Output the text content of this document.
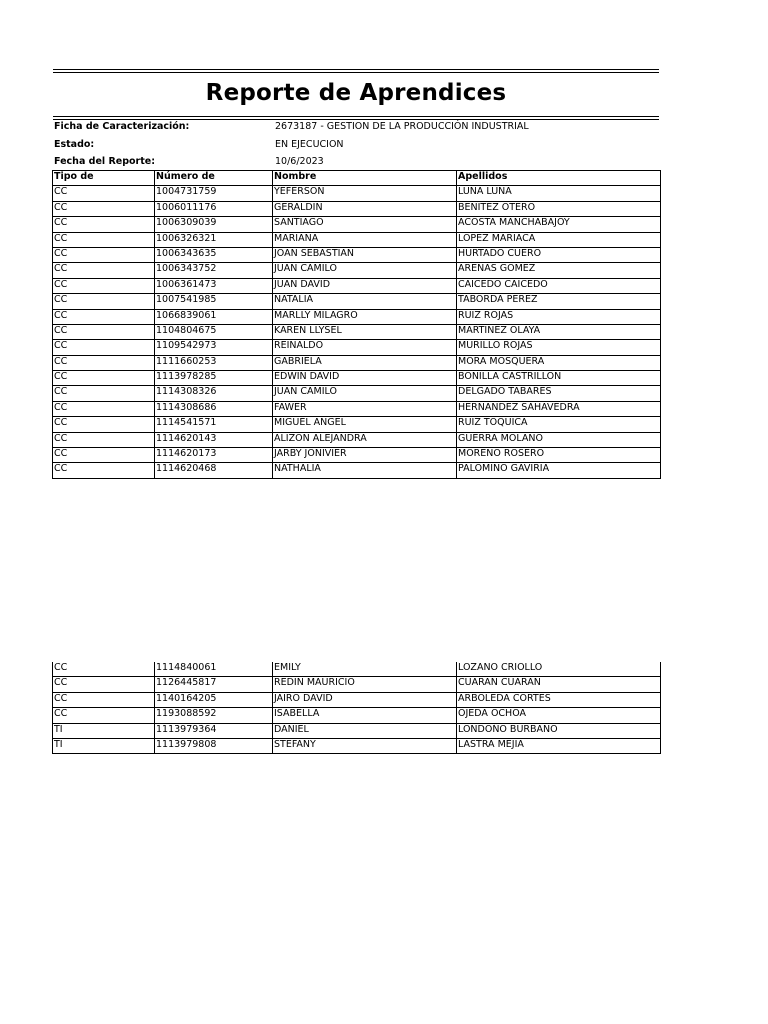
Reporte de Aprendices
Ficha de Caracterización:	2673187 - GESTION DE LA PRODUCCIÓN INDUSTRIAL
Estado:	EN EJECUCION
Fecha del Reporte:	10/6/2023
Tipo de	Número de	Nombre	Apellidos

CC	1004731759	YEFERSON	LUNA LUNA
CC	1006011176	GERALDIN	BENITEZ OTERO
CC	1006309039	SANTIAGO	ACOSTA MANCHABAJOY
CC	1006326321	MARIANA	LOPEZ MARIACA
CC	1006343635	JOAN SEBASTIAN	HURTADO CUERO
CC	1006343752	JUAN CAMILO	ARENAS GOMEZ
CC	1006361473	JUAN DAVID	CAICEDO CAICEDO
CC	1007541985	NATALIA	TABORDA PEREZ
CC	1066839061	MARLLY MILAGRO	RUIZ ROJAS
CC	1104804675	KAREN LLYSEL	MARTINEZ OLAYA
CC	1109542973	REINALDO	MURILLO ROJAS
CC	1111660253	GABRIELA	MORA MOSQUERA
CC	1113978285	EDWIN DAVID	BONILLA CASTRILLON
CC	1114308326	JUAN CAMILO	DELGADO TABARES
CC	1114308686	FAWER	HERNANDEZ SAHAVEDRA
CC	1114541571	MIGUEL ANGEL	RUIZ TOQUICA
CC	1114620143	ALIZON ALEJANDRA	GUERRA MOLANO
CC	1114620173	JARBY JONIVIER	MORENO ROSERO
CC	1114620468	NATHALIA	PALOMINO GAVIRIA
CC	1114840061	EMILY	LOZANO CRIOLLO
CC	1126445817	REDIN MAURICIO	CUARAN CUARAN
CC	1140164205	JAIRO DAVID	ARBOLEDA CORTES
CC	1193088592	ISABELLA	OJEDA OCHOA
TI	1113979364	DANIEL	LONDOÑO BURBANO
TI	1113979808	STEFANY	LASTRA MEJIA
